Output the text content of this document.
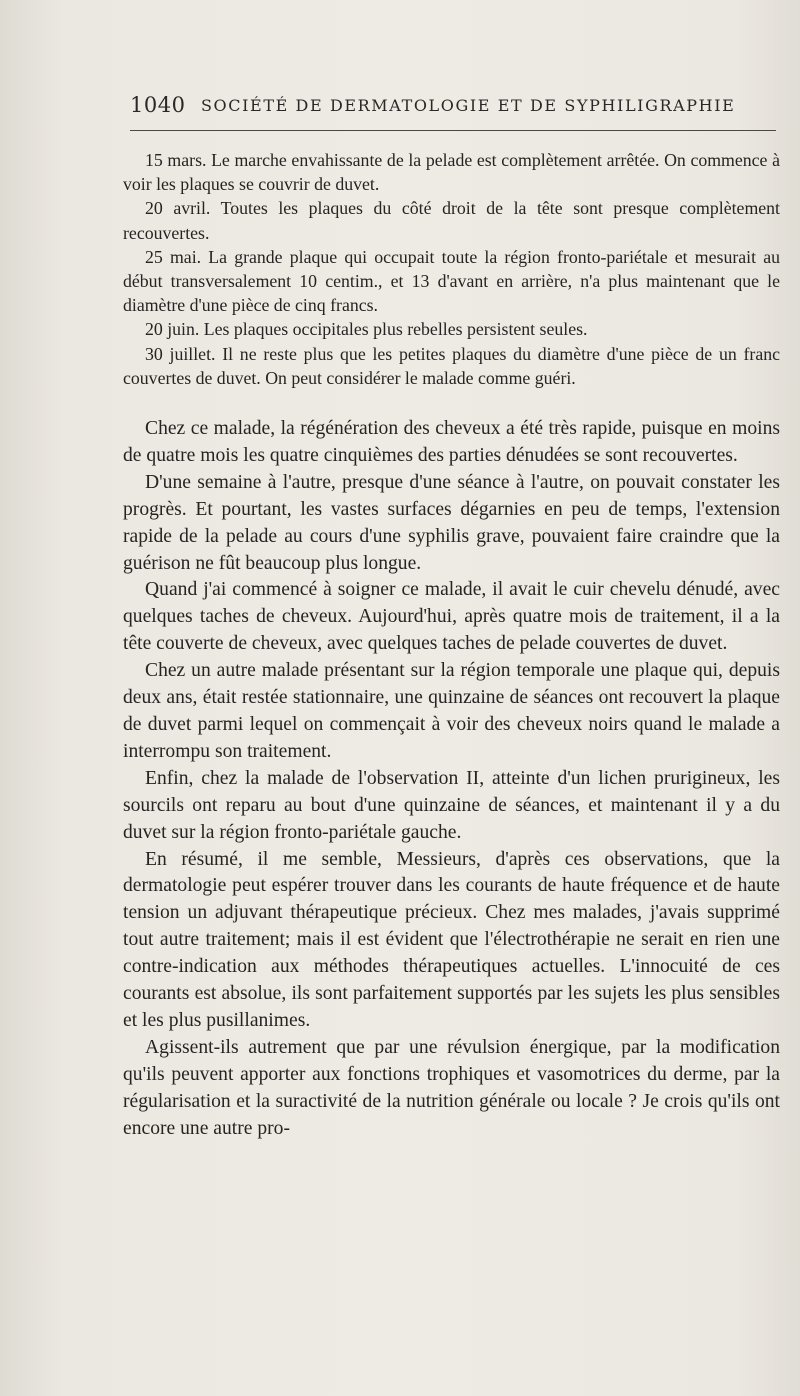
1040 SOCIÉTÉ DE DERMATOLOGIE ET DE SYPHILIGRAPHIE

15 mars. Le marche envahissante de la pelade est complètement arrêtée. On commence à voir les plaques se couvrir de duvet.

20 avril. Toutes les plaques du côté droit de la tête sont presque complètement recouvertes.

25 mai. La grande plaque qui occupait toute la région fronto-pariétale et mesurait au début transversalement 10 centim., et 13 d'avant en arrière, n'a plus maintenant que le diamètre d'une pièce de cinq francs.

20 juin. Les plaques occipitales plus rebelles persistent seules.

30 juillet. Il ne reste plus que les petites plaques du diamètre d'une pièce de un franc couvertes de duvet. On peut considérer le malade comme guéri.

Chez ce malade, la régénération des cheveux a été très rapide, puisque en moins de quatre mois les quatre cinquièmes des parties dénudées se sont recouvertes.

D'une semaine à l'autre, presque d'une séance à l'autre, on pouvait constater les progrès. Et pourtant, les vastes surfaces dégarnies en peu de temps, l'extension rapide de la pelade au cours d'une syphilis grave, pouvaient faire craindre que la guérison ne fût beaucoup plus longue.

Quand j'ai commencé à soigner ce malade, il avait le cuir chevelu dénudé, avec quelques taches de cheveux. Aujourd'hui, après quatre mois de traitement, il a la tête couverte de cheveux, avec quelques taches de pelade couvertes de duvet.

Chez un autre malade présentant sur la région temporale une plaque qui, depuis deux ans, était restée stationnaire, une quinzaine de séances ont recouvert la plaque de duvet parmi lequel on commençait à voir des cheveux noirs quand le malade a interrompu son traitement.

Enfin, chez la malade de l'observation II, atteinte d'un lichen prurigineux, les sourcils ont reparu au bout d'une quinzaine de séances, et maintenant il y a du duvet sur la région fronto-pariétale gauche.

En résumé, il me semble, Messieurs, d'après ces observations, que la dermatologie peut espérer trouver dans les courants de haute fréquence et de haute tension un adjuvant thérapeutique précieux. Chez mes malades, j'avais supprimé tout autre traitement; mais il est évident que l'électrothérapie ne serait en rien une contre-indication aux méthodes thérapeutiques actuelles. L'innocuité de ces courants est absolue, ils sont parfaitement supportés par les sujets les plus sensibles et les plus pusillanimes.

Agissent-ils autrement que par une révulsion énergique, par la modification qu'ils peuvent apporter aux fonctions trophiques et vasomotrices du derme, par la régularisation et la suractivité de la nutrition générale ou locale ? Je crois qu'ils ont encore une autre pro-
